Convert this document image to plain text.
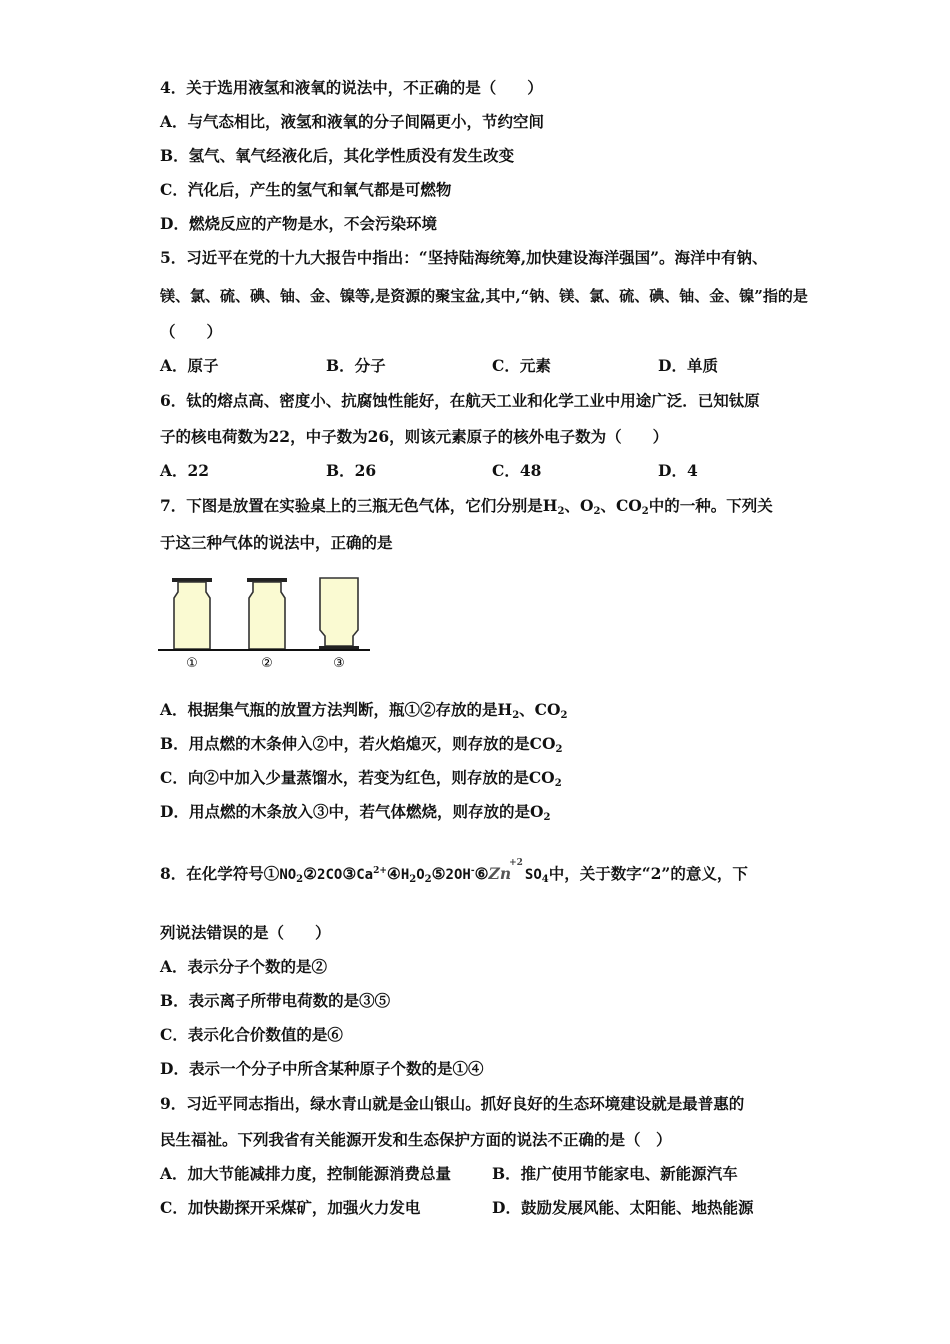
4．关于选用液氢和液氧的说法中，不正确的是（　　）
A．与气态相比，液氢和液氧的分子间隔更小，节约空间
B．氢气、氧气经液化后，其化学性质没有发生改变
C．汽化后，产生的氢气和氧气都是可燃物
D．燃烧反应的产物是水，不会污染环境
5．习近平在党的十九大报告中指出：“坚持陆海统筹,加快建设海洋强国”。海洋中有钠、
镁、氯、硫、碘、铀、金、镍等,是资源的聚宝盆,其中,“钠、镁、氯、硫、碘、铀、金、镍”指的是
（　　）
A．原子	B．分子	C．元素	D．单质
6．钛的熔点高、密度小、抗腐蚀性能好，在航天工业和化学工业中用途广泛．已知钛原
子的核电荷数为22，中子数为26，则该元素原子的核外电子数为（　　）
A．22	B．26	C．48	D．4
7．下图是放置在实验桌上的三瓶无色气体，它们分别是$H_2$、$O_2$、$CO_2$中的一种。下列关
于这三种气体的说法中，正确的是
①	②	③
A．根据集气瓶的放置方法判断，瓶①②存放的是$H_2$、$CO_2$
B．用点燃的木条伸入②中，若火焰熄灭，则存放的是$CO_2$
C．向②中加入少量蒸馏水，若变为红色，则存放的是$CO_2$
D．用点燃的木条放入③中，若气体燃烧，则存放的是$O_2$
8．在化学符号$①NO_2②2CO③Ca^{2+}④H_2O_2⑤2OH^-⑥Zn^{+2}SO_4$中，关于数字“2”的意义，下
列说法错误的是（　　）
A．表示分子个数的是②
B．表示离子所带电荷数的是③⑤
C．表示化合价数值的是⑥
D．表示一个分子中所含某种原子个数的是①④
9．习近平同志指出，绿水青山就是金山银山。抓好良好的生态环境建设就是最普惠的
民生福祉。下列我省有关能源开发和生态保护方面的说法不正确的是（　）
A．加大节能减排力度，控制能源消费总量	B．推广使用节能家电、新能源汽车
C．加快勘探开采煤矿，加强火力发电	D．鼓励发展风能、太阳能、地热能源
